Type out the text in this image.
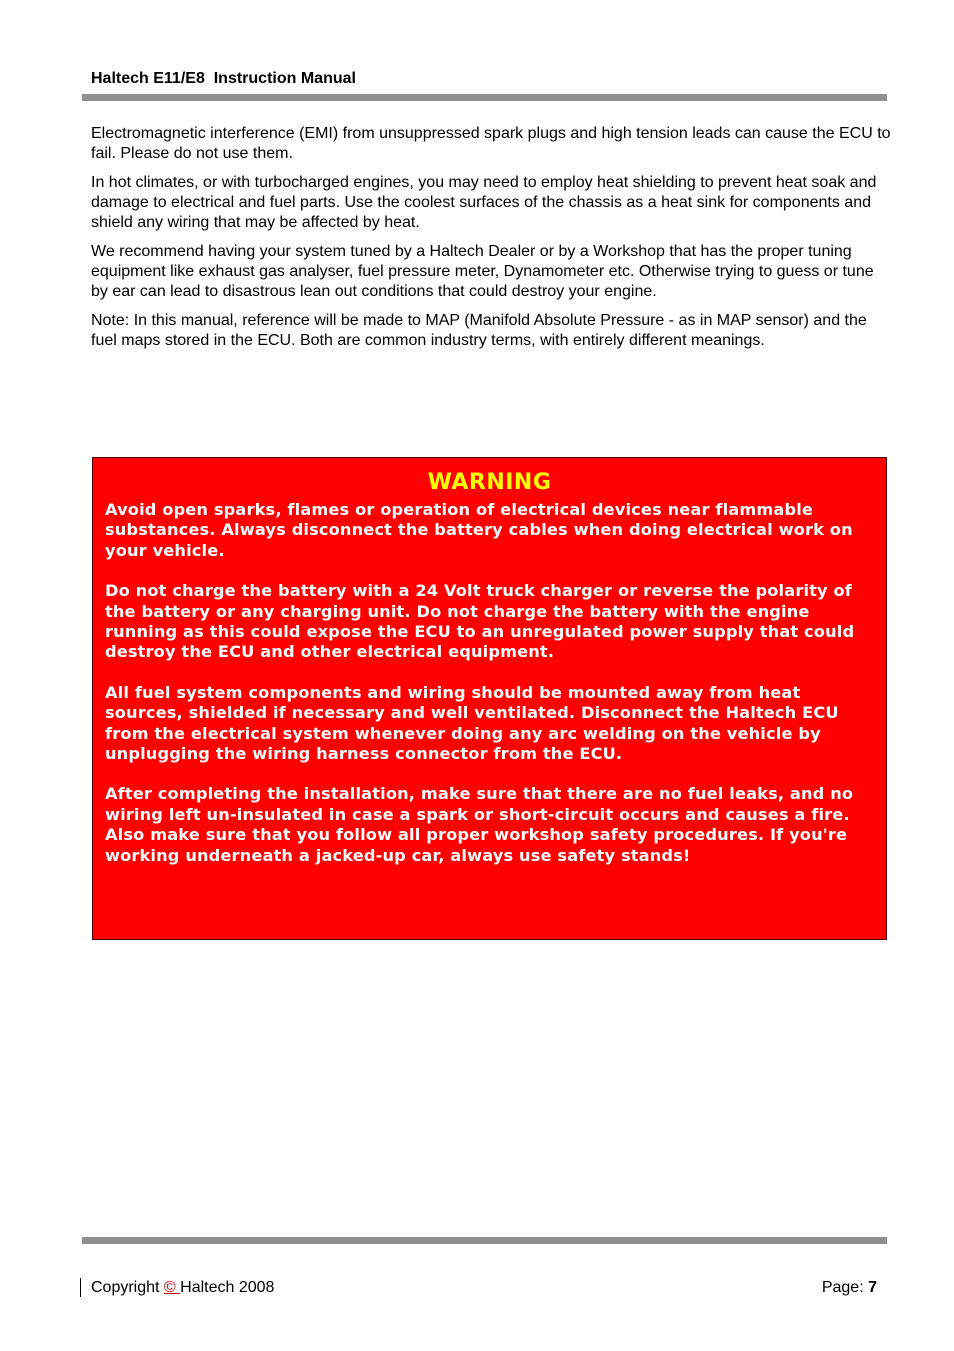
Haltech E11/E8  Instruction Manual

Electromagnetic interference (EMI) from unsuppressed spark plugs and high tension leads can cause the ECU to fail. Please do not use them.

In hot climates, or with turbocharged engines, you may need to employ heat shielding to prevent heat soak and damage to electrical and fuel parts. Use the coolest surfaces of the chassis as a heat sink for components and shield any wiring that may be affected by heat.

We recommend having your system tuned by a Haltech Dealer or by a Workshop that has the proper tuning equipment like exhaust gas analyser, fuel pressure meter, Dynamometer etc. Otherwise trying to guess or tune by ear can lead to disastrous lean out conditions that could destroy your engine.

Note: In this manual, reference will be made to MAP (Manifold Absolute Pressure - as in MAP sensor) and the fuel maps stored in the ECU. Both are common industry terms, with entirely different meanings.

WARNING

Avoid open sparks, flames or operation of electrical devices near flammable substances. Always disconnect the battery cables when doing electrical work on your vehicle.

Do not charge the battery with a 24 Volt truck charger or reverse the polarity of the battery or any charging unit. Do not charge the battery with the engine running as this could expose the ECU to an unregulated power supply that could destroy the ECU and other electrical equipment.

All fuel system components and wiring should be mounted away from heat sources, shielded if necessary and well ventilated. Disconnect the Haltech ECU from the electrical system whenever doing any arc welding on the vehicle by unplugging the wiring harness connector from the ECU.

After completing the installation, make sure that there are no fuel leaks, and no wiring left un-insulated in case a spark or short-circuit occurs and causes a fire. Also make sure that you follow all proper workshop safety procedures. If you're working underneath a jacked-up car, always use safety stands!

Copyright © Haltech 2008	Page: 7
